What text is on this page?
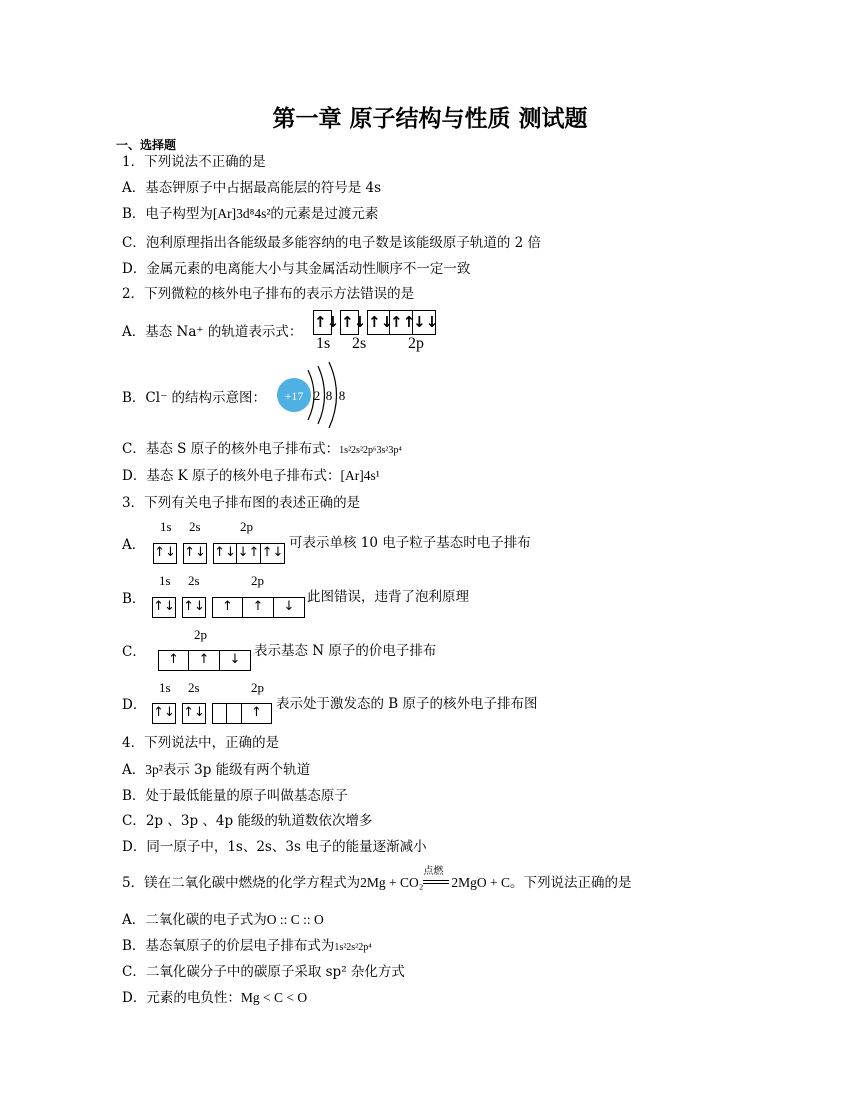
第一章 原子结构与性质 测试题
一、选择题
1．下列说法不正确的是
A．基态钾原子中占据最高能层的符号是 4s
B．电子构型为[Ar]3d⁸4s²的元素是过渡元素
C．泡利原理指出各能级最多能容纳的电子数是该能级原子轨道的 2 倍
D．金属元素的电离能大小与其金属活动性顺序不一定一致
2．下列微粒的核外电子排布的表示方法错误的是
A．基态 Na⁺ 的轨道表示式：
↑↓ ↑↓ ↑↓
↑↑
↓↓
1s 2s	2p
B．Cl⁻ 的结构示意图： +17 2 8 8
C．基态 S 原子的核外电子排布式：1s²2s²2p⁶3s²3p⁴
D．基态 K 原子的核外电子排布式：[Ar]4s¹
3．下列有关电子排布图的表述正确的是
1s 2s	2p
A． ↑↓ ↑↓ ↑↓ ↓↑ ↑↓
可表示单核 10 电子粒子基态时电子排布
1s 2s	2p
B． ↑↓ ↑↓	↑	↑	↓
此图错误，违背了泡利原理
2p
C．	↑	↑	↓
表示基态 N 原子的价电子排布
1s 2s	2p
D． ↑↓ ↑↓	↑
表示处于激发态的 B 原子的核外电子排布图
4．下列说法中，正确的是
A．3p²表示 3p 能级有两个轨道
B．处于最低能量的原子叫做基态原子
C．2p 、3p 、4p 能级的轨道数依次增多
D．同一原子中，1s、2s、3s 电子的能量逐渐减小
5．镁在二氧化碳中燃烧的化学方程式为2Mg + CO₂
点燃
2MgO + C。下列说法正确的是
A．二氧化碳的电子式为O :: C :: O
B．基态氧原子的价层电子排布式为1s²2s²2p⁴
C．二氧化碳分子中的碳原子采取 sp² 杂化方式
D．元素的电负性：Mg < C < O
